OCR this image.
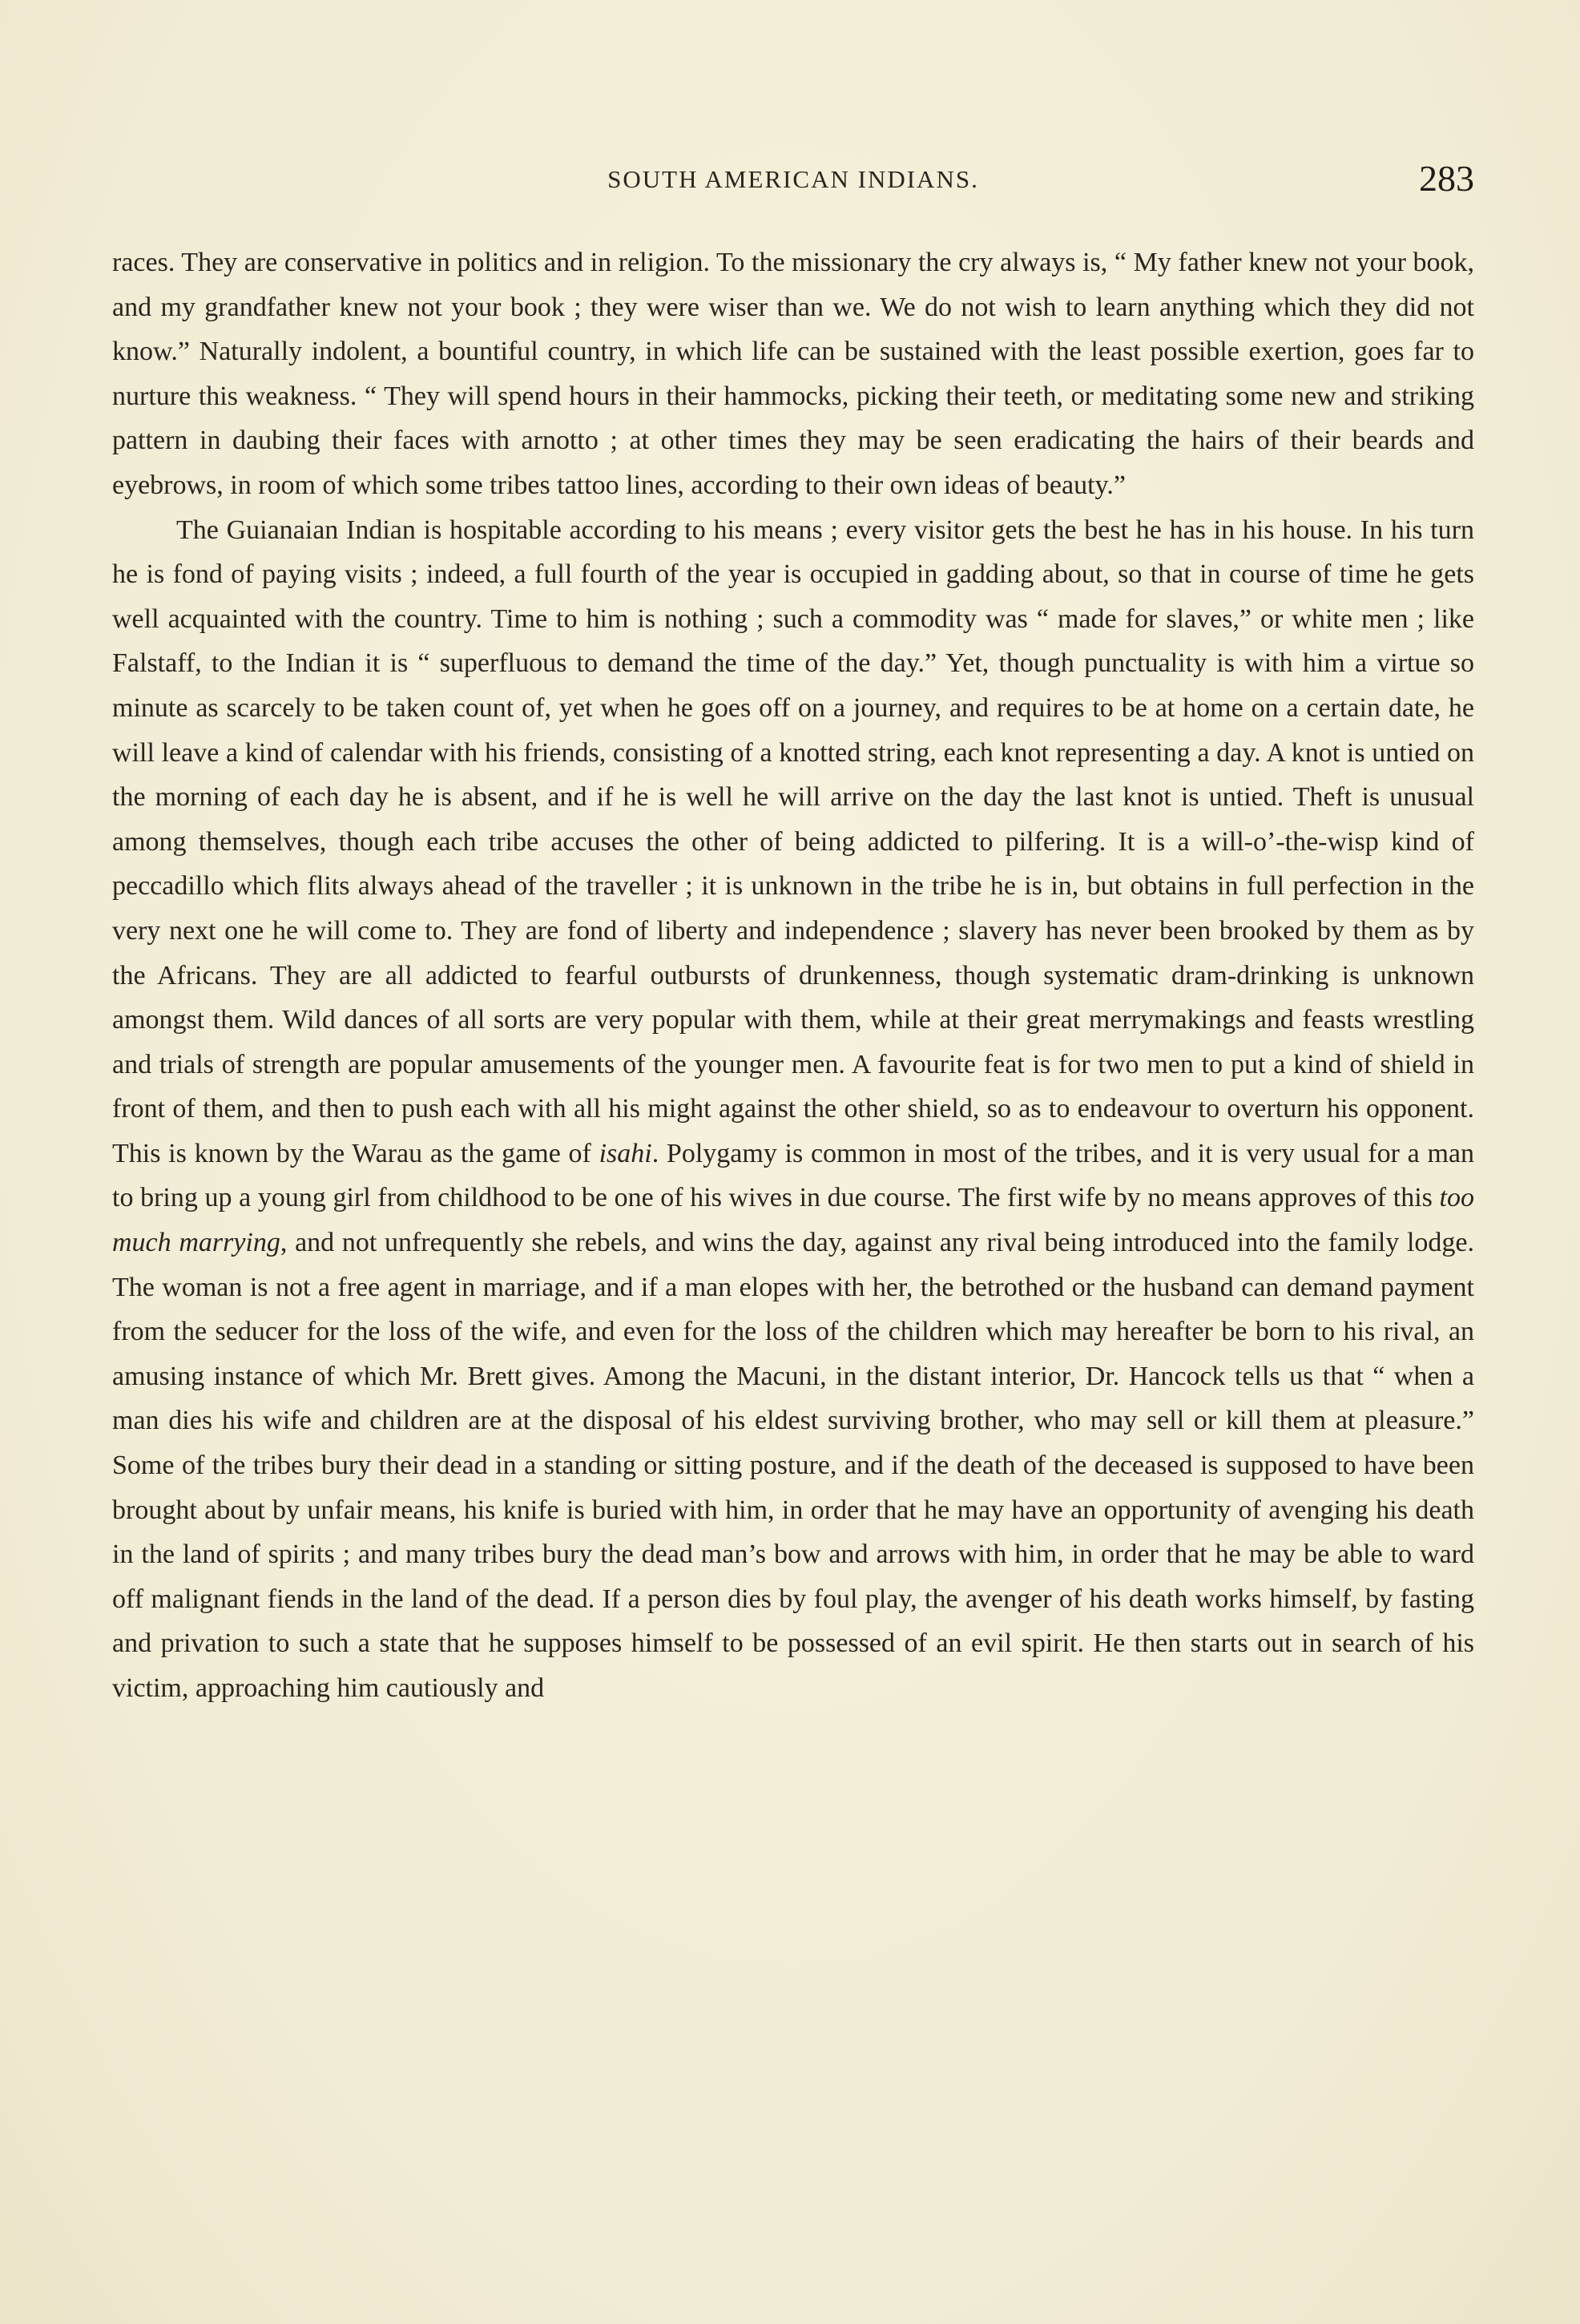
SOUTH AMERICAN INDIANS.	283

races. They are conservative in politics and in religion. To the missionary the cry always is, “ My father knew not your book, and my grandfather knew not your book ; they were wiser than we. We do not wish to learn anything which they did not know.” Naturally indolent, a bountiful country, in which life can be sustained with the least possible exertion, goes far to nurture this weakness. “ They will spend hours in their hammocks, picking their teeth, or meditating some new and striking pattern in daubing their faces with arnotto ; at other times they may be seen eradicating the hairs of their beards and eyebrows, in room of which some tribes tattoo lines, according to their own ideas of beauty.”

The Guianaian Indian is hospitable according to his means ; every visitor gets the best he has in his house. In his turn he is fond of paying visits ; indeed, a full fourth of the year is occupied in gadding about, so that in course of time he gets well acquainted with the country. Time to him is nothing ; such a commodity was “ made for slaves,” or white men ; like Falstaff, to the Indian it is “ superfluous to demand the time of the day.” Yet, though punctuality is with him a virtue so minute as scarcely to be taken count of, yet when he goes off on a journey, and requires to be at home on a certain date, he will leave a kind of calendar with his friends, consisting of a knotted string, each knot representing a day. A knot is untied on the morning of each day he is absent, and if he is well he will arrive on the day the last knot is untied. Theft is unusual among themselves, though each tribe accuses the other of being addicted to pilfering. It is a will-o’-the-wisp kind of peccadillo which flits always ahead of the traveller ; it is unknown in the tribe he is in, but obtains in full perfection in the very next one he will come to. They are fond of liberty and independence ; slavery has never been brooked by them as by the Africans. They are all addicted to fearful outbursts of drunkenness, though systematic dram-drinking is unknown amongst them. Wild dances of all sorts are very popular with them, while at their great merrymakings and feasts wrestling and trials of strength are popular amusements of the younger men. A favourite feat is for two men to put a kind of shield in front of them, and then to push each with all his might against the other shield, so as to endeavour to overturn his opponent. This is known by the Warau as the game of isahi. Polygamy is common in most of the tribes, and it is very usual for a man to bring up a young girl from childhood to be one of his wives in due course. The first wife by no means approves of this too much marrying, and not unfrequently she rebels, and wins the day, against any rival being introduced into the family lodge. The woman is not a free agent in marriage, and if a man elopes with her, the betrothed or the husband can demand payment from the seducer for the loss of the wife, and even for the loss of the children which may hereafter be born to his rival, an amusing instance of which Mr. Brett gives. Among the Macuni, in the distant interior, Dr. Hancock tells us that “ when a man dies his wife and children are at the disposal of his eldest surviving brother, who may sell or kill them at pleasure.” Some of the tribes bury their dead in a standing or sitting posture, and if the death of the deceased is supposed to have been brought about by unfair means, his knife is buried with him, in order that he may have an opportunity of avenging his death in the land of spirits ; and many tribes bury the dead man’s bow and arrows with him, in order that he may be able to ward off malignant fiends in the land of the dead. If a person dies by foul play, the avenger of his death works himself, by fasting and privation to such a state that he supposes himself to be possessed of an evil spirit. He then starts out in search of his victim, approaching him cautiously and
